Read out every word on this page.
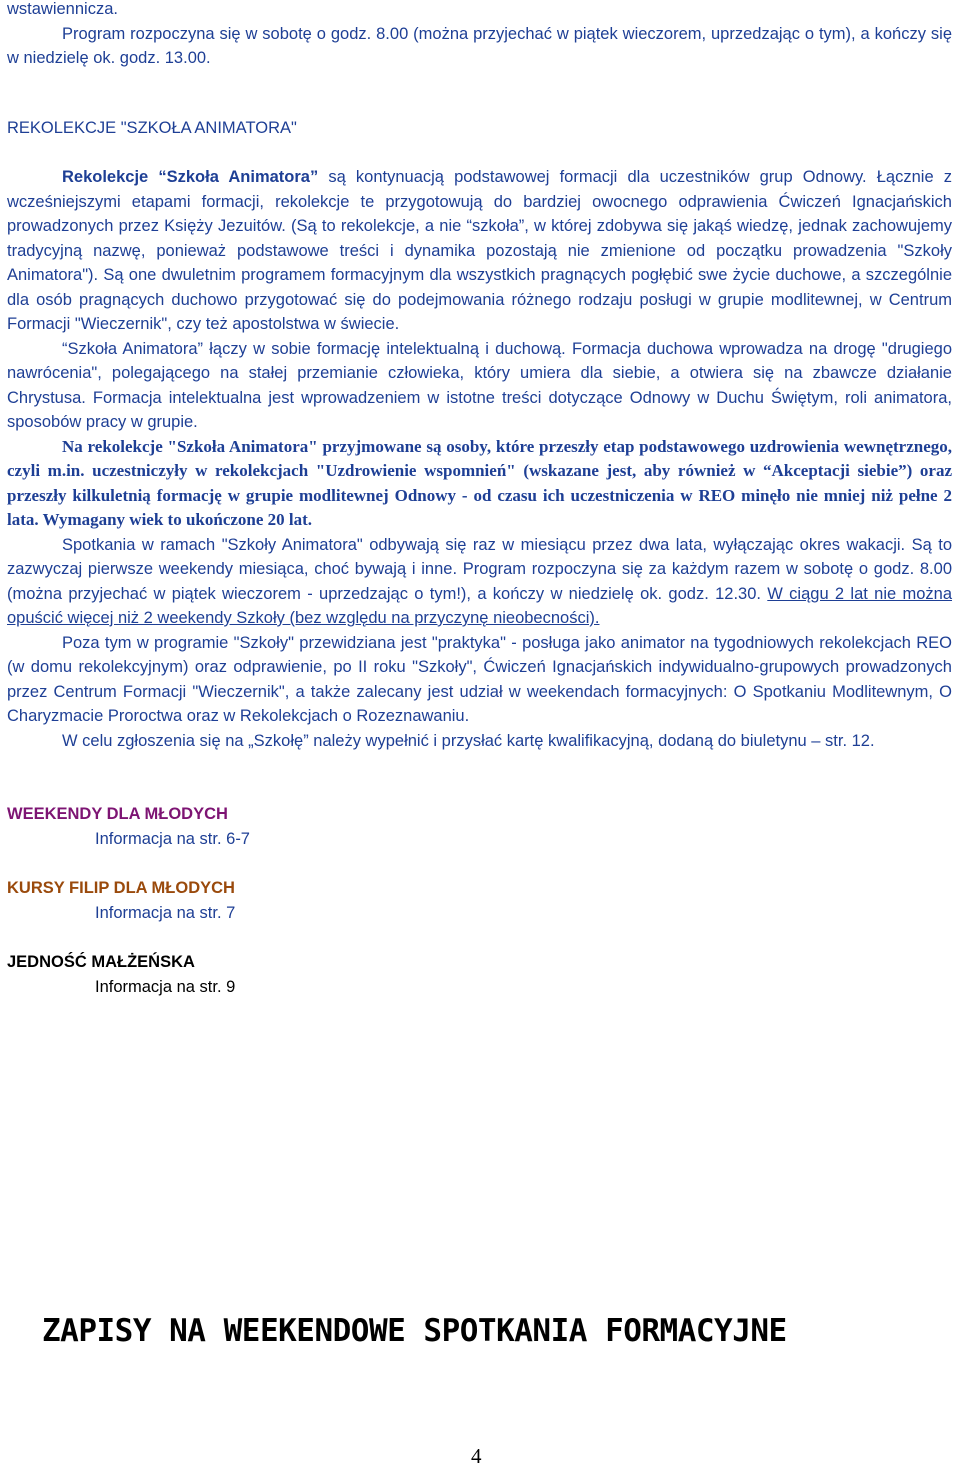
wstawiennicza.

Program rozpoczyna się w sobotę o godz. 8.00 (można przyjechać w piątek wieczorem, uprzedzając o tym), a kończy się w niedzielę ok. godz. 13.00.

REKOLEKCJE "SZKOŁA ANIMATORA"

Rekolekcje “Szkoła Animatora” są kontynuacją podstawowej formacji dla uczestników grup Odnowy. Łącznie z wcześniejszymi etapami formacji, rekolekcje te przygotowują do bardziej owocnego odprawienia Ćwiczeń Ignacjańskich prowadzonych przez Księży Jezuitów. (Są to rekolekcje, a nie “szkoła”, w której zdobywa się jakąś wiedzę, jednak zachowujemy tradycyjną nazwę, ponieważ podstawowe treści i dynamika pozostają nie zmienione od początku prowadzenia "Szkoły Animatora"). Są one dwuletnim programem formacyjnym dla wszystkich pragnących pogłębić swe życie duchowe, a szczególnie dla osób pragnących duchowo przygotować się do podejmowania różnego rodzaju posługi w grupie modlitewnej, w Centrum Formacji "Wieczernik", czy też apostolstwa w świecie.

“Szkoła Animatora” łączy w sobie formację intelektualną i duchową. Formacja duchowa wprowadza na drogę "drugiego nawrócenia", polegającego na stałej przemianie człowieka, który umiera dla siebie, a otwiera się na zbawcze działanie Chrystusa. Formacja intelektualna jest wprowadzeniem w istotne treści dotyczące Odnowy w Duchu Świętym, roli animatora, sposobów pracy w grupie.

Na rekolekcje "Szkoła Animatora" przyjmowane są osoby, które przeszły etap podstawowego uzdrowienia wewnętrznego, czyli m.in. uczestniczyły w rekolekcjach "Uzdrowienie wspomnień" (wskazane jest, aby również w “Akceptacji siebie”) oraz przeszły kilkuletnią formację w grupie modlitewnej Odnowy - od czasu ich uczestniczenia w REO minęło nie mniej niż pełne 2 lata. Wymagany wiek to ukończone 20 lat.

Spotkania w ramach "Szkoły Animatora" odbywają się raz w miesiącu przez dwa lata, wyłączając okres wakacji. Są to zazwyczaj pierwsze weekendy miesiąca, choć bywają i inne. Program rozpoczyna się za każdym razem w sobotę o godz. 8.00 (można przyjechać w piątek wieczorem - uprzedzając o tym!), a kończy w niedzielę ok. godz. 12.30. W ciągu 2 lat nie można opuścić więcej niż 2 weekendy Szkoły (bez względu na przyczynę nieobecności).

Poza tym w programie "Szkoły" przewidziana jest "praktyka" - posługa jako animator na tygodniowych rekolekcjach REO (w domu rekolekcyjnym) oraz odprawienie, po II roku "Szkoły", Ćwiczeń Ignacjańskich indywidualno-grupowych prowadzonych przez Centrum Formacji "Wieczernik", a także zalecany jest udział w weekendach formacyjnych: O Spotkaniu Modlitewnym, O Charyzmacie Proroctwa oraz w Rekolekcjach o Rozeznawaniu.

W celu zgłoszenia się na „Szkołę” należy wypełnić i przysłać kartę kwalifikacyjną, dodaną do biuletynu – str. 12.

WEEKENDY DLA MŁODYCH

Informacja na str. 6-7

KURSY FILIP DLA MŁODYCH

Informacja na str. 7

JEDNOŚĆ MAŁŻEŃSKA

Informacja na str. 9

ZAPISY NA WEEKENDOWE SPOTKANIA FORMACYJNE
4
